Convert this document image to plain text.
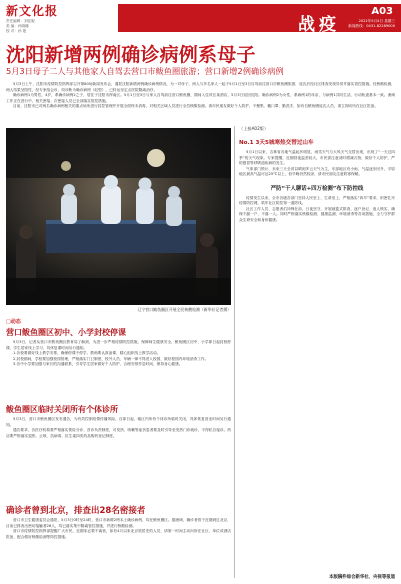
新文化报
责任编辑：刘佳妮
美 编：孙晓娜
校 对：孙 艳	战疫
A03
2022年5月4日 星期三
新闻热线：0431-82289000
沈阳新增两例确诊病例系母子
5月3日母子二人与其他家人自驾去营口市鲅鱼圈旅游；营口新增2例确诊病例

5月3日上午，沈阳市疫情防控指挥部召开第80场新闻发布会，通报沈阳新增两例确诊病例情况，为一对母子，两人与多名家人一起于5月1日至3日自驾前往营口市鲅鱼圈旅游，返沈后经社区排查发现异常并落实管控措施。经核酸检测，两人结果呈阳性，经专家组会诊，均诊断为确诊病例（轻型），已转运至定点医院隔离治疗。

确诊病例1为男性，4岁，系确诊病例2之子，居住于沈阳市浑南区。5月1日至3日与家人自驾前往营口鲅鱼圈，期间入住该区某酒店，5月3日返回沈阳。确诊病例2为女性，系病例1的母亲，与病例1共同生活，行动轨迹基本一致。流调工作正在进行中，相关密接、次密接人员已全部落实管控措施。

目前，沈阳市已对两名确诊病例相关的重点场所进行封控管理并开展全面终末消毒，对相关区域人员进行全员核酸检测。请市民朋友做好个人防护，不聚集、戴口罩、勤洗手，如有自鲅鱼圈返沈人员，请立即向所在社区报备。

辽宁营口鲅鱼圈区开展全民核酸检测（新华社记者摄）
□动态
营口鲅鱼圈区初中、小学封校停课

5月3日，记者从营口市鲅鱼圈区教育局了解到，为进一步严格疫情防控措施，保障师生健康安全，鲅鱼圈区初中、小学即日起封校停课，学生居家线上学习，具体复课时间另行通知。

1.各校要做好线上教学安排，确保停课不停学，教师要认真备课、精心组织线上教学活动。

2.封校期间，学校要加强校园管理，严格落实门卫制度，校外人员、车辆一律不得进入校园，做好校园内环境消杀工作。

3.各中小学要加强与家长的沟通联系，引导学生居家做好个人防护，合理安排作息时间，保持身心健康。

鲅鱼圈区临时关闭所有个体诊所

5月3日，营口市鲅鱼圈区发布通告，为有效控制疫情传播风险，自即日起，辖区内所有个体诊所临时关闭，具体恢复营业时间另行通知。

通告要求，各医疗机构要严格落实预检分诊、首诊负责制度，对发热、咳嗽等症状患者要及时引导至发热门诊就诊，不得私自接诊。药店要严格落实退热、止咳、抗病毒、抗生素四类药品购药登记制度。

确诊者曾到北京，排查出28名密接者

营口市卫生健康委员会通报，5月3日0时至24时，营口市新增2例本土确诊病例，均在鲅鱼圈区。据流调，确诊者曾于近期到过北京，目前已排查出密切接触者28人，均已落实集中隔离管控措施，并进行核酸检测。

营口市疫情防控指挥部提醒广大市民，近期非必要不离营，如有4月以来北京旅居史的人员，请第一时间主动向所在社区、单位或酒店报备，配合做好核酸检测等防控措施。

（上接A02版）
No.1 3天5城寒热交替过山车

5月1日以来，吉林省各地气温起伏明显，雨雪天气与大风天气交替出现，出现了“一天过四季”的天气现象。专家提醒，近期昼夜温差较大，市民需注意适时增减衣物，做好个人防护，严防感冒等呼吸道疾病的发生。

气象部门预计，未来三天全省以晴到多云天气为主，东部地区有小雨，气温逐步回升，平原地区最高气温可达25℃以上，但早晚仍然较凉，请市民朋友注意防寒保暖。

严防“干人聊话+四万检测”布下防控线

疫情发生以来，全市各级各部门坚持人民至上、生命至上，严格落实“四早”要求，织密扎牢疫情防控网，筑牢社区防控第一道防线。

社区工作人员、志愿者们冲锋在前，日夜坚守，开展地毯式排查，逐户登记、逐人核实，确保不漏一户、不落一人。同时严格落实核酸检测、健康监测、环境消杀等各项措施，全力守护群众生命安全和身体健康。

本版稿件综合新华社、央视等报道
